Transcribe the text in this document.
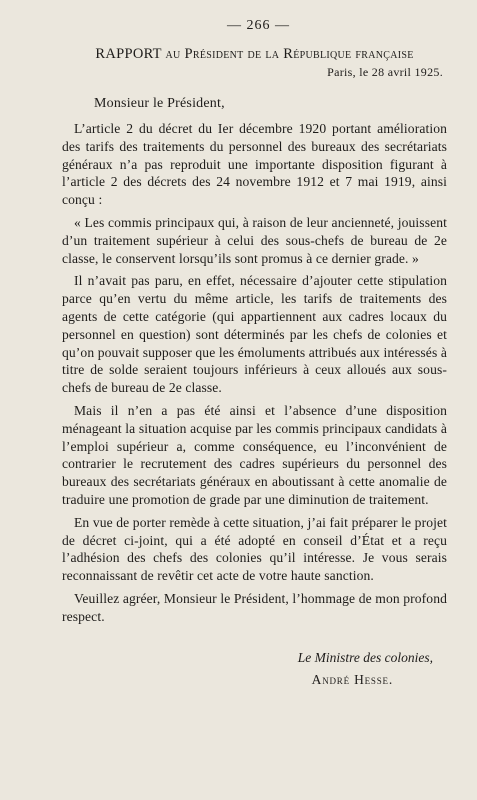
— 266 —
RAPPORT au Président de la République française
Paris, le 28 avril 1925.
Monsieur le Président,

L’article 2 du décret du Ier décembre 1920 portant amélioration des tarifs des traitements du personnel des bureaux des secrétariats généraux n’a pas reproduit une importante disposition figurant à l’article 2 des décrets des 24 novembre 1912 et 7 mai 1919, ainsi conçu :

« Les commis principaux qui, à raison de leur ancienneté, jouissent d’un traitement supérieur à celui des sous-chefs de bureau de 2e classe, le conservent lorsqu’ils sont promus à ce dernier grade. »

Il n’avait pas paru, en effet, nécessaire d’ajouter cette stipulation parce qu’en vertu du même article, les tarifs de traitements des agents de cette catégorie (qui appartiennent aux cadres locaux du personnel en question) sont déterminés par les chefs de colonies et qu’on pouvait supposer que les émoluments attribués aux intéressés à titre de solde seraient toujours inférieurs à ceux alloués aux sous-chefs de bureau de 2e classe.

Mais il n’en a pas été ainsi et l’absence d’une disposition ménageant la situation acquise par les commis principaux candidats à l’emploi supérieur a, comme conséquence, eu l’inconvénient de contrarier le recrutement des cadres supérieurs du personnel des bureaux des secrétariats généraux en aboutissant à cette anomalie de traduire une promotion de grade par une diminution de traitement.

En vue de porter remède à cette situation, j’ai fait préparer le projet de décret ci-joint, qui a été adopté en conseil d’État et a reçu l’adhésion des chefs des colonies qu’il intéresse. Je vous serais reconnaissant de revêtir cet acte de votre haute sanction.

Veuillez agréer, Monsieur le Président, l’hommage de mon profond respect.

Le Ministre des colonies,
André Hesse.
